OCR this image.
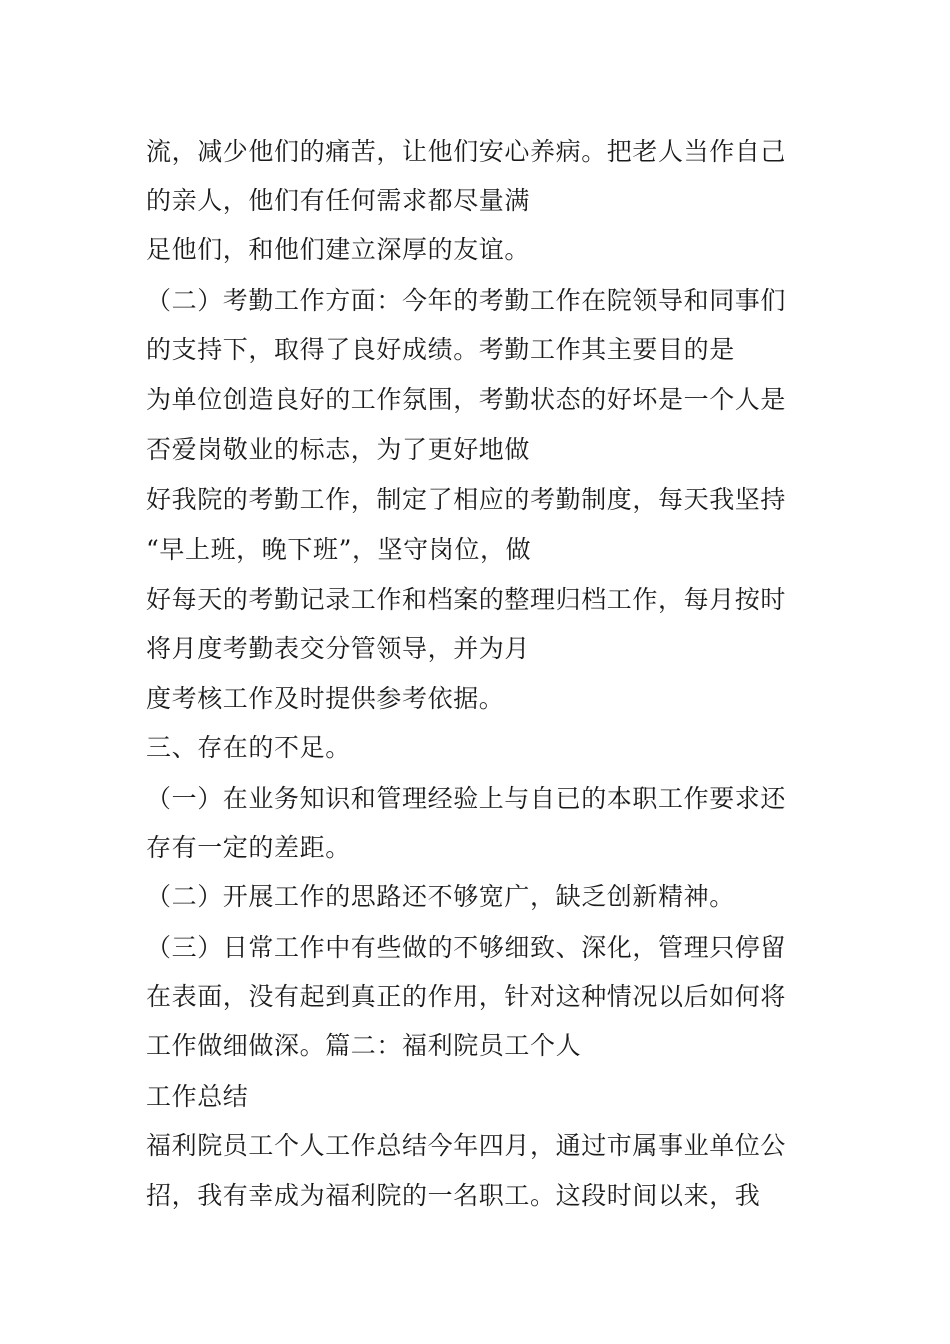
流，减少他们的痛苦，让他们安心养病。把老人当作自己
的亲人，他们有任何需求都尽量满
足他们，和他们建立深厚的友谊。
（二）考勤工作方面：今年的考勤工作在院领导和同事们
的支持下，取得了良好成绩。考勤工作其主要目的是
为单位创造良好的工作氛围，考勤状态的好坏是一个人是
否爱岗敬业的标志，为了更好地做
好我院的考勤工作，制定了相应的考勤制度，每天我坚持
“早上班，晚下班”，坚守岗位，做
好每天的考勤记录工作和档案的整理归档工作，每月按时
将月度考勤表交分管领导，并为月
度考核工作及时提供参考依据。
三、存在的不足。
（一）在业务知识和管理经验上与自已的本职工作要求还
存有一定的差距。
（二）开展工作的思路还不够宽广，缺乏创新精神。
（三）日常工作中有些做的不够细致、深化，管理只停留
在表面，没有起到真正的作用，针对这种情况以后如何将
工作做细做深。篇二：福利院员工个人
工作总结
福利院员工个人工作总结今年四月，通过市属事业单位公
招，我有幸成为福利院的一名职工。这段时间以来，我
